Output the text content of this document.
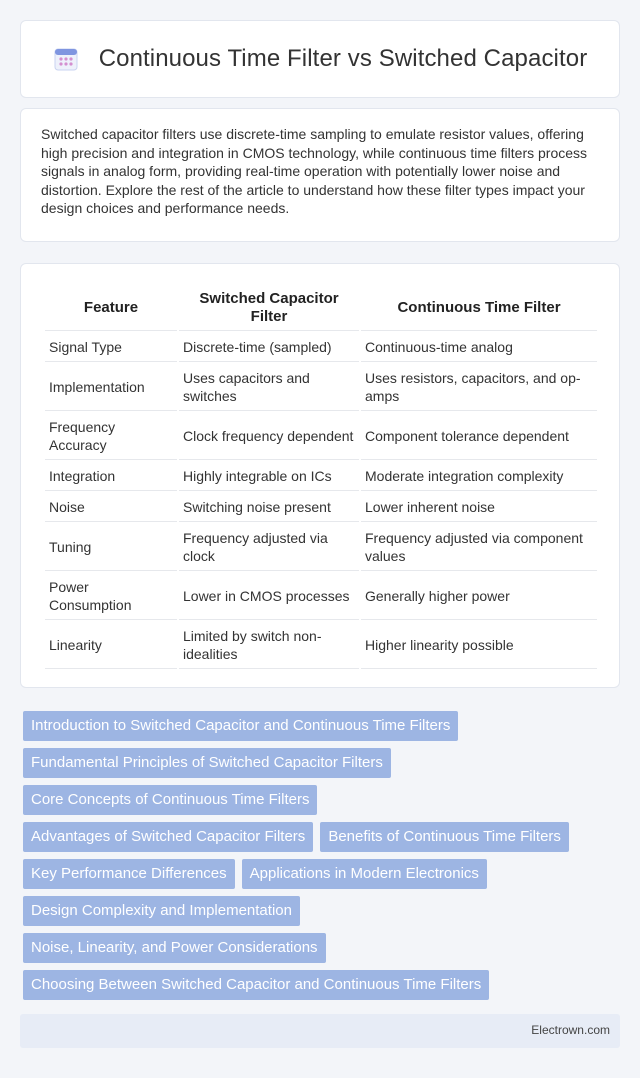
Continuous Time Filter vs Switched Capacitor

Switched capacitor filters use discrete-time sampling to emulate resistor values, offering high precision and integration in CMOS technology, while continuous time filters process signals in analog form, providing real-time operation with potentially lower noise and distortion. Explore the rest of the article to understand how these filter types impact your design choices and performance needs.

Feature	Switched Capacitor Filter	Continuous Time Filter
Signal Type	Discrete-time (sampled)	Continuous-time analog
Implementation	Uses capacitors and switches	Uses resistors, capacitors, and op-amps
Frequency Accuracy	Clock frequency dependent	Component tolerance dependent
Integration	Highly integrable on ICs	Moderate integration complexity
Noise	Switching noise present	Lower inherent noise
Tuning	Frequency adjusted via clock	Frequency adjusted via component values
Power Consumption	Lower in CMOS processes	Generally higher power
Linearity	Limited by switch non-idealities	Higher linearity possible
Introduction to Switched Capacitor and Continuous Time Filters
Fundamental Principles of Switched Capacitor Filters
Core Concepts of Continuous Time Filters
Advantages of Switched Capacitor Filters	Benefits of Continuous Time Filters
Key Performance Differences	Applications in Modern Electronics
Design Complexity and Implementation
Noise, Linearity, and Power Considerations
Choosing Between Switched Capacitor and Continuous Time Filters
Electrown.com
